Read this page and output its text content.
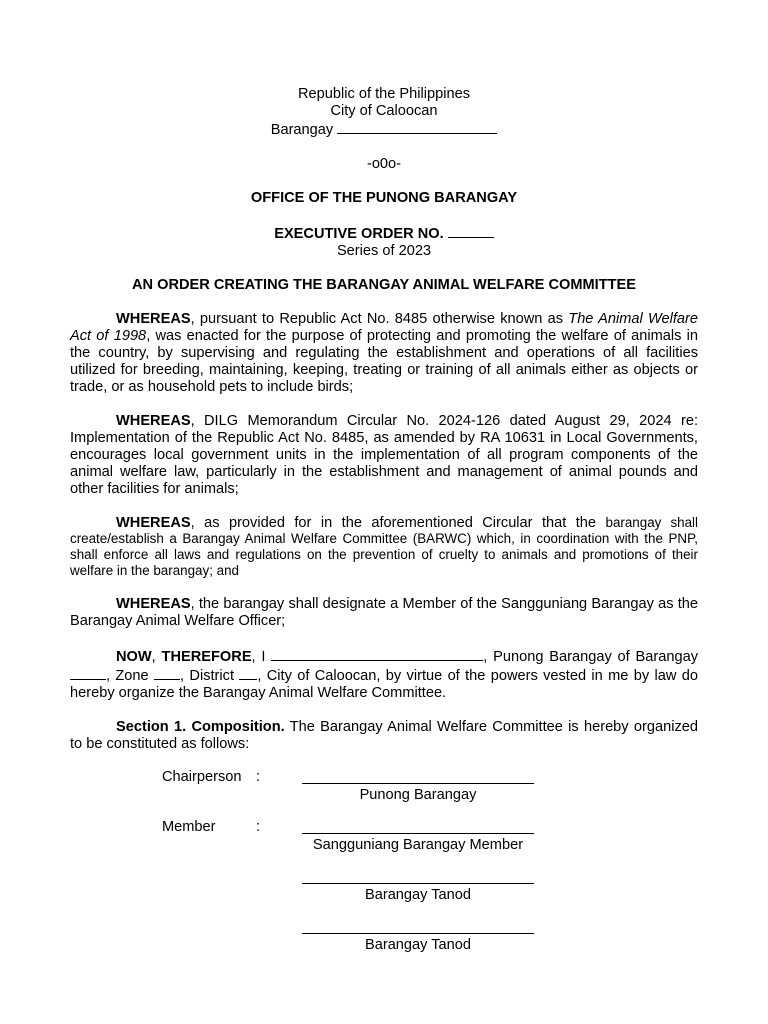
Republic of the Philippines

City of Caloocan

Barangay

-o0o-

OFFICE OF THE PUNONG BARANGAY

EXECUTIVE ORDER NO.

Series of 2023

AN ORDER CREATING THE BARANGAY ANIMAL WELFARE COMMITTEE

WHEREAS, pursuant to Republic Act No. 8485 otherwise known as The Animal Welfare Act of 1998, was enacted for the purpose of protecting and promoting the welfare of animals in the country, by supervising and regulating the establishment and operations of all facilities utilized for breeding, maintaining, keeping, treating or training of all animals either as objects or trade, or as household pets to include birds;

WHEREAS, DILG Memorandum Circular No. 2024-126 dated August 29, 2024 re: Implementation of the Republic Act No. 8485, as amended by RA 10631 in Local Governments, encourages local government units in the implementation of all program components of the animal welfare law, particularly in the establishment and management of animal pounds and other facilities for animals;

WHEREAS, as provided for in the aforementioned Circular that the barangay shall create/establish a Barangay Animal Welfare Committee (BARWC) which, in coordination with the PNP, shall enforce all laws and regulations on the prevention of cruelty to animals and promotions of their welfare in the barangay; and

WHEREAS, the barangay shall designate a Member of the Sangguniang Barangay as the Barangay Animal Welfare Officer;

NOW, THEREFORE, I	, Punong Barangay of Barangay, Zone , District , City of Caloocan, by virtue of the powers vested in me by law do hereby organize the Barangay Animal Welfare Committee.

Section 1. Composition. The Barangay Animal Welfare Committee is hereby organized to be constituted as follows:

Chairperson :
Punong Barangay
Member	:
Sangguniang Barangay Member
Barangay Tanod
Barangay Tanod
